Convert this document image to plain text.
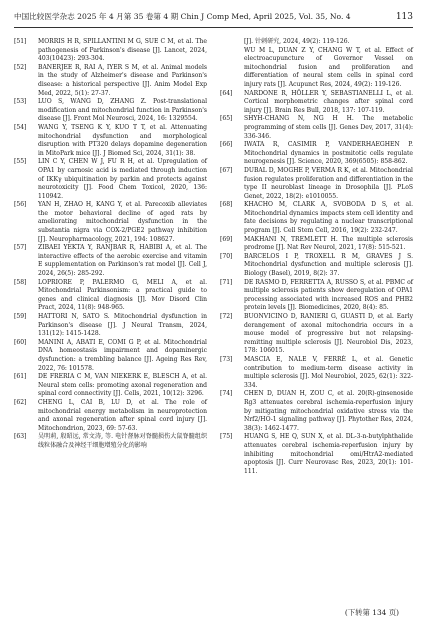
中国比较医学杂志 2025 年 4 月第 35 卷第 4 期 Chin J Comp Med, April 2025, Vol. 35, No. 4	113
[51] MORRIS H R, SPILLANTINI M G, SUE C M, et al. The pathogenesis of Parkinson's disease [J]. Lancet, 2024, 403(10423): 293-304.
[52] BANERJEE R, RAI A, IYER S M, et al. Animal models in the study of Alzheimer's disease and Parkinson's disease: a historical perspective [J]. Anim Model Exp Med, 2022, 5(1): 27-37.
[53] LUO S, WANG D, ZHANG Z. Post-translational modification and mitochondrial function in Parkinson's disease [J]. Front Mol Neurosci, 2024, 16: 1329554.
[54] WANG Y, TSENG K Y, KUO T T, et al. Attenuating mitochondrial dysfunction and morphological disruption with PT320 delays dopamine degeneration in MitoPark mice [J]. J Biomed Sci, 2024, 31(1): 38.
[55] LIN C Y, CHEN W J, FU R H, et al. Upregulation of OPA1 by carnosic acid is mediated through induction of IKKγ ubiquitination by parkin and protects against neurotoxicity [J]. Food Chem Toxicol, 2020, 136: 110942.
[56] YAN H, ZHAO H, KANG Y, et al. Parecoxib alleviates the motor behavioral decline of aged rats by ameliorating mitochondrial dysfunction in the substantia nigra via COX-2/PGE2 pathway inhibition [J]. Neuropharmacology, 2021, 194: 108627.
[57] ZIBAEI YEKTA Y, RANJBAR R, HABIBI A, et al. The interactive effects of the aerobic exercise and vitamin E supplementation on Parkinson's rat model [J]. Cell J, 2024, 26(5): 285-292.
[58] LOPRIORE P, PALERMO G, MELI A, et al. Mitochondrial Parkinsonism: a practical guide to genes and clinical diagnosis [J]. Mov Disord Clin Pract, 2024, 11(8): 948-965.
[59] HATTORI N, SATO S. Mitochondrial dysfunction in Parkinson's disease [J]. J Neural Transm, 2024, 131(12): 1415-1428.
[60] MANINI A, ABATI E, COMI G P, et al. Mitochondrial DNA homeostasis impairment and dopaminergic dysfunction: a trembling balance [J]. Ageing Res Rev, 2022, 76: 101578.
[61] DE FRERIA C M, VAN NIEKERK E, BLESCH A, et al. Neural stem cells: promoting axonal regeneration and spinal cord connectivity [J]. Cells, 2021, 10(12): 3296.
[62] CHENG L, CAI B, LU D, et al. The role of mitochondrial energy metabolism in neuroprotection and axonal regeneration after spinal cord injury [J]. Mitochondrion, 2023, 69: 57-63.
[63] 吴明莉, 殷昭远, 常文涛, 等. 电针督脉对脊髓损伤大鼠脊髓组织线粒体融合及神经干细胞增殖分化的影响
[J]. 针刺研究, 2024, 49(2): 119-126.
WU M L, DUAN Z Y, CHANG W T, et al. Effect of electroacupuncture of Governor Vessel on mitochondrial fusion and proliferation and differentiation of neural stem cells in spinal cord injury rats [J]. Acupunct Res, 2024, 49(2): 119-126.
[64] NARDONE R, HÖLLER Y, SEBASTIANELLI L, et al. Cortical morphometric changes after spinal cord injury [J]. Brain Res Bull, 2018, 137: 107-119.
[65] SHYH-CHANG N, NG H H. The metabolic programming of stem cells [J]. Genes Dev, 2017, 31(4): 336-346.
[66] IWATA R, CASIMIR P, VANDERHAEGHEN P. Mitochondrial dynamics in postmitotic cells regulate neurogenesis [J]. Science, 2020, 369(6505): 858-862.
[67] DUBAL D, MOGHE P, VERMA R K, et al. Mitochondrial fusion regulates proliferation and differentiation in the type II neuroblast lineage in Drosophila [J]. PLoS Genet, 2022, 18(2): e1010055.
[68] KHACHO M, CLARK A, SVOBODA D S, et al. Mitochondrial dynamics impacts stem cell identity and fate decisions by regulating a nuclear transcriptional program [J]. Cell Stem Cell, 2016, 19(2): 232-247.
[69] MAKHANI N, TREMLETT H. The multiple sclerosis prodrome [J]. Nat Rev Neurol, 2021, 17(8): 515-521.
[70] BARCELOS I P, TROXELL R M, GRAVES J S. Mitochondrial dysfunction and multiple sclerosis [J]. Biology (Basel), 2019, 8(2): 37.
[71] DE RASMO D, FERRETTA A, RUSSO S, et al. PBMC of multiple sclerosis patients show deregulation of OPA1 processing associated with increased ROS and PHB2 protein levels [J]. Biomedicines, 2020, 8(4): 85.
[72] BUONVICINO D, RANIERI G, GUASTI D, et al. Early derangement of axonal mitochondria occurs in a mouse model of progressive but not relapsing-remitting multiple sclerosis [J]. Neurobiol Dis, 2023, 178: 106015.
[73] MASCIA E, NALE V, FERRÈ L, et al. Genetic contribution to medium-term disease activity in multiple sclerosis [J]. Mol Neurobiol, 2025, 62(1): 322-334.
[74] CHEN D, DUAN H, ZOU C, et al. 20(R)-ginsenoside Rg3 attenuates cerebral ischemia-reperfusion injury by mitigating mitochondrial oxidative stress via the Nrf2/HO-1 signaling pathway [J]. Phytother Res, 2024, 38(3): 1462-1477.
[75] HUANG S, HE Q, SUN X, et al. DL-3-n-butylphthalide attenuates cerebral ischemia-reperfusion injury by inhibiting mitochondrial omi/HtrA2-mediated apoptosis [J]. Curr Neurovasc Res, 2023, 20(1): 101-111.
(下转第 134 页)
